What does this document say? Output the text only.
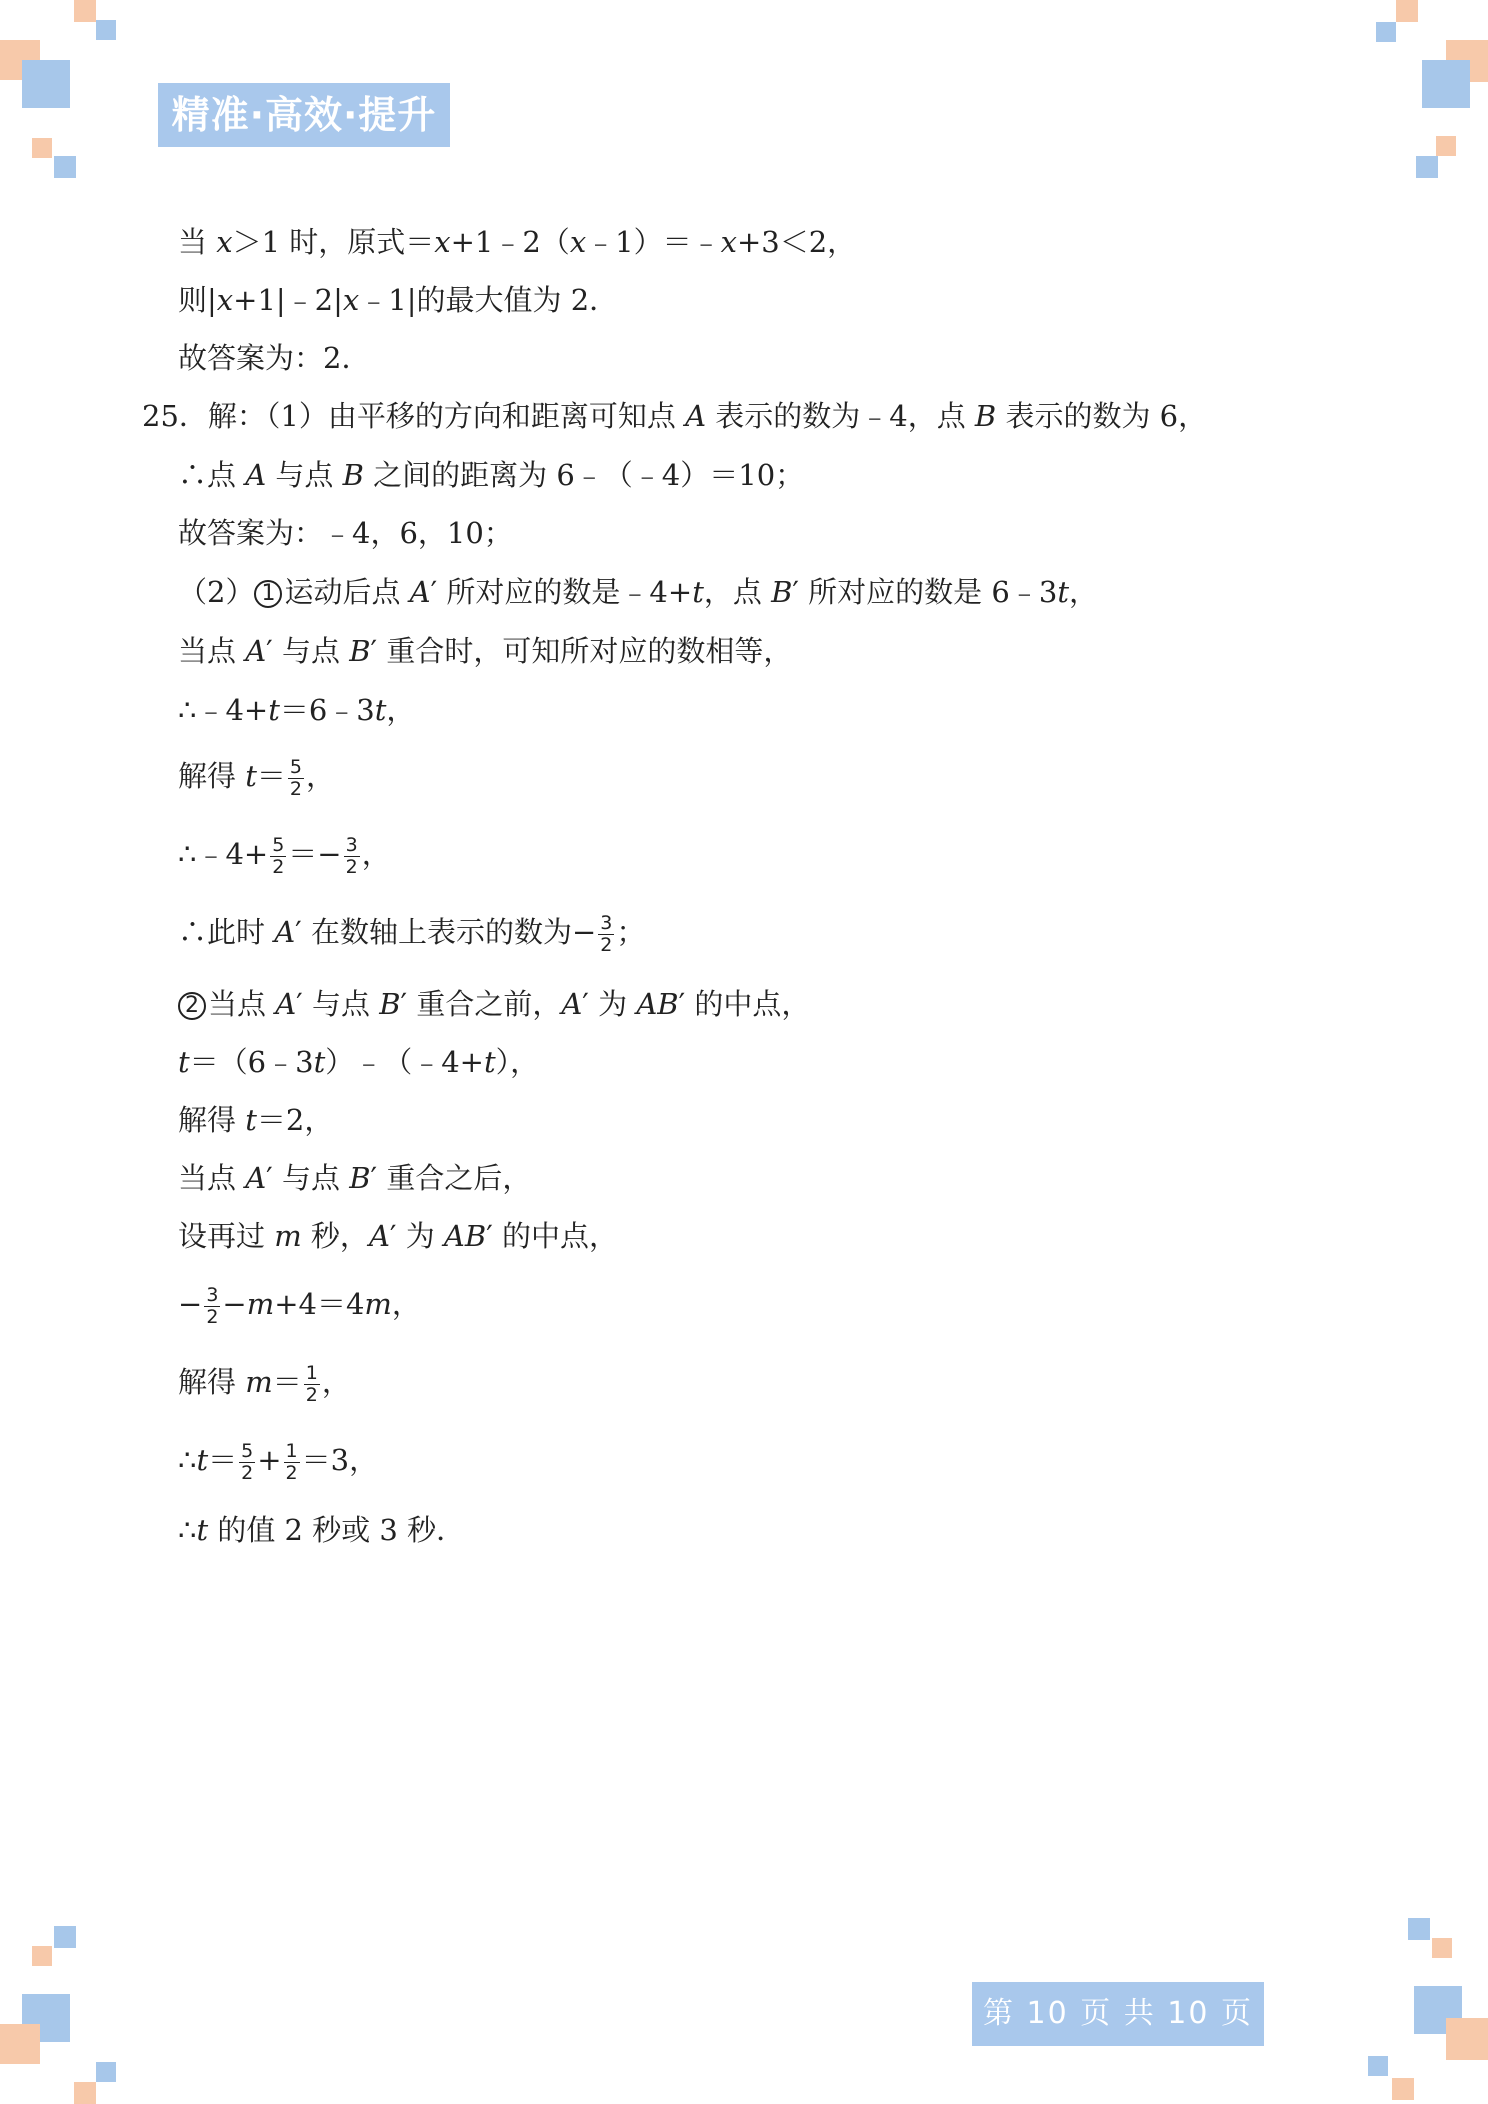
精准·高效·提升
当 x＞1 时，原式＝x+1﹣2（x﹣1）＝﹣x+3＜2，
则|x+1|﹣2|x﹣1|的最大值为 2．
故答案为：2．
25．解：（1）由平移的方向和距离可知点 A 表示的数为﹣4，点 B 表示的数为 6，
∴点 A 与点 B 之间的距离为 6﹣（﹣4）＝10；
故答案为：﹣4，6，10；
（2） 1 运动后点 A′ 所对应的数是﹣4+t，点 B′ 所对应的数是 6﹣3t，
当点 A′ 与点 B′ 重合时，可知所对应的数相等，
∴﹣4+t＝6﹣3t，
解得 $t= \frac{5}{2}$ ，
∴﹣4+ $\frac{5}{2} =- \frac{3}{2}$ ，
∴此时 A′ 在数轴上表示的数为− $\frac{3}{2}$ ；
2 当点 A′ 与点 B′ 重合之前，A′ 为 AB′ 的中点，
t＝（6﹣3t）﹣（﹣4+t），
解得 t＝2，
当点 A′ 与点 B′ 重合之后，
设再过 m 秒，A′ 为 AB′ 的中点，
− $\frac{3}{2} -m+4=4m$，
解得 $m= \frac{1}{2}$ ，
∴t＝ $\frac{5}{2} + \frac{1}{2} =3$，
∴t 的值 2 秒或 3 秒．
第 10 页 共 10 页
